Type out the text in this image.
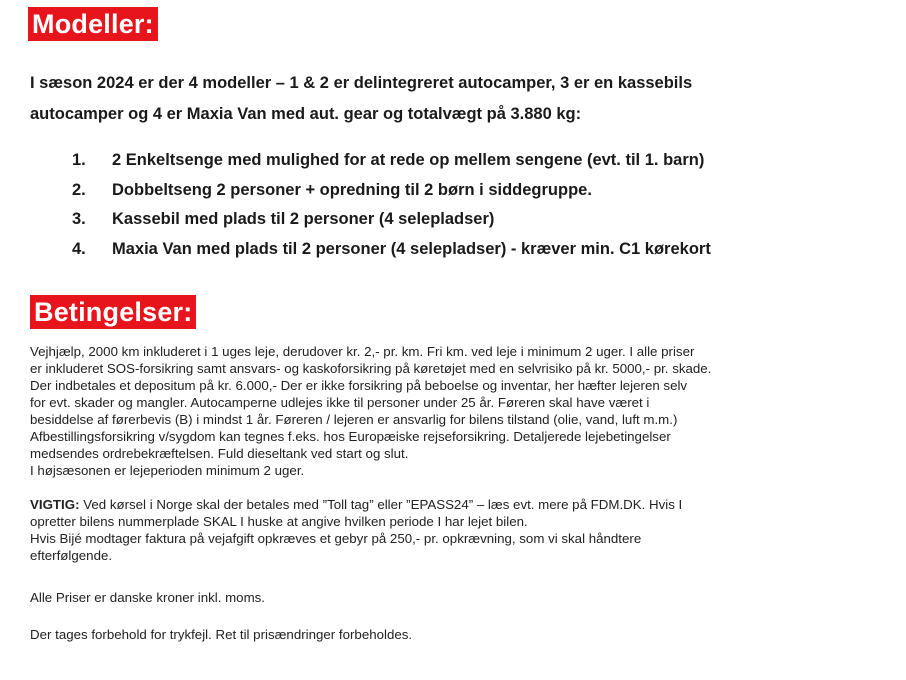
Modeller:
I sæson 2024 er der 4 modeller – 1 & 2 er delintegreret autocamper, 3 er en kassebils
autocamper og 4 er Maxia Van med aut. gear og totalvægt på 3.880 kg:
1.	2 Enkeltsenge med mulighed for at rede op mellem sengene (evt. til 1. barn)
2.	Dobbeltseng 2 personer + opredning til 2 børn i siddegruppe.
3.	Kassebil med plads til 2 personer (4 selepladser)
4.	Maxia Van med plads til 2 personer (4 selepladser) - kræver min. C1 kørekort
Betingelser:

Vejhjælp, 2000 km inkluderet i 1 uges leje, derudover kr. 2,- pr. km. Fri km. ved leje i minimum 2 uger. I alle priser

er inkluderet SOS-forsikring samt ansvars- og kaskoforsikring på køretøjet med en selvrisiko på kr. 5000,- pr. skade.

Der indbetales et depositum på kr. 6.000,- Der er ikke forsikring på beboelse og inventar, her hæfter lejeren selv

for evt. skader og mangler. Autocamperne udlejes ikke til personer under 25 år. Føreren skal have været i

besiddelse af førerbevis (B) i mindst 1 år. Føreren / lejeren er ansvarlig for bilens tilstand (olie, vand, luft m.m.)

Afbestillingsforsikring v/sygdom kan tegnes f.eks. hos Europæiske rejseforsikring. Detaljerede lejebetingelser

medsendes ordrebekræftelsen. Fuld dieseltank ved start og slut.

I højsæsonen er lejeperioden minimum 2 uger.

VIGTIG: Ved kørsel i Norge skal der betales med ”Toll tag” eller ”EPASS24” – læs evt. mere på FDM.DK. Hvis I

opretter bilens nummerplade SKAL I huske at angive hvilken periode I har lejet bilen.

Hvis Bijé modtager faktura på vejafgift opkræves et gebyr på 250,- pr. opkrævning, som vi skal håndtere

efterfølgende.

Alle Priser er danske kroner inkl. moms.

Der tages forbehold for trykfejl. Ret til prisændringer forbeholdes.
